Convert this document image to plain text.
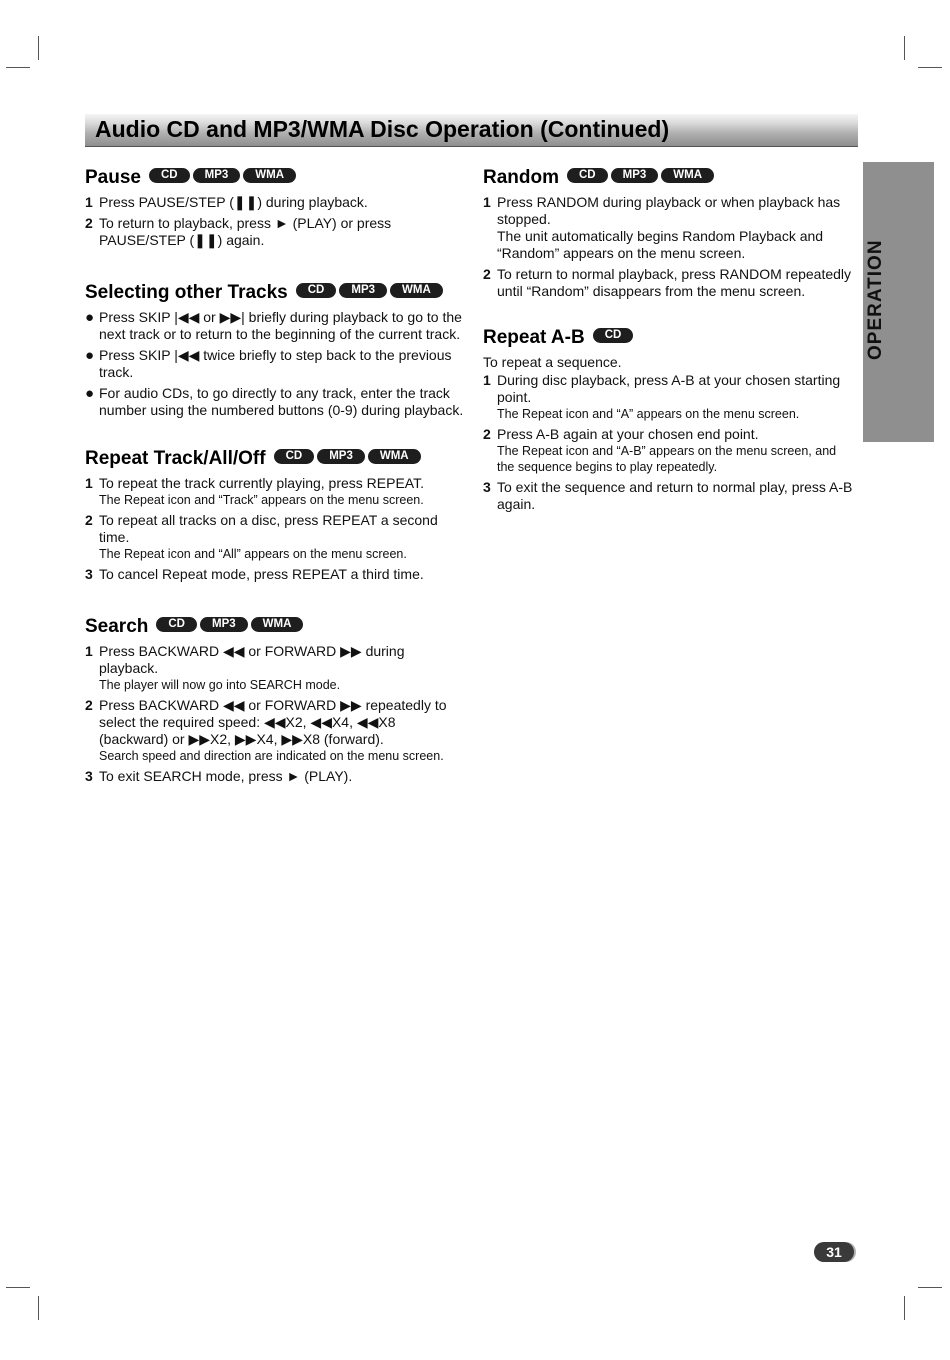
Audio CD and MP3/WMA Disc Operation (Continued)
OPERATION
Pause	CD	MP3	WMA
1 Press PAUSE/STEP (❚❚) during playback.
2 To return to playback, press ► (PLAY) or press PAUSE/STEP (❚❚) again.
Selecting other Tracks	CD	MP3	WMA
● Press SKIP |◀◀ or ▶▶| briefly during playback to go to the next track or to return to the beginning of the current track.
● Press SKIP |◀◀ twice briefly to step back to the previous track.
● For audio CDs, to go directly to any track, enter the track number using the numbered buttons (0-9) during playback.
Repeat Track/All/Off	CD	MP3	WMA
1 To repeat the track currently playing, press REPEAT.
The Repeat icon and “Track” appears on the menu screen.
2 To repeat all tracks on a disc, press REPEAT a second time.
The Repeat icon and “All” appears on the menu screen.
3 To cancel Repeat mode, press REPEAT a third time.
Search	CD	MP3	WMA
1 Press BACKWARD ◀◀ or FORWARD ▶▶ during playback.
The player will now go into SEARCH mode.
2 Press BACKWARD ◀◀ or FORWARD ▶▶ repeatedly to select the required speed: ◀◀X2, ◀◀X4, ◀◀X8 (backward) or ▶▶X2, ▶▶X4, ▶▶X8 (forward).
Search speed and direction are indicated on the menu screen.
3 To exit SEARCH mode, press ► (PLAY).
Random	CD	MP3	WMA
1 Press RANDOM during playback or when playback has stopped.
The unit automatically begins Random Playback and “Random” appears on the menu screen.
2 To return to normal playback, press RANDOM repeatedly until “Random” disappears from the menu screen.
Repeat A-B	CD

To repeat a sequence.

1 During disc playback, press A-B at your chosen starting point.
The Repeat icon and “A” appears on the menu screen.
2 Press A-B again at your chosen end point.
The Repeat icon and “A-B” appears on the menu screen, and the sequence begins to play repeatedly.
3 To exit the sequence and return to normal play, press A-B again.
31
